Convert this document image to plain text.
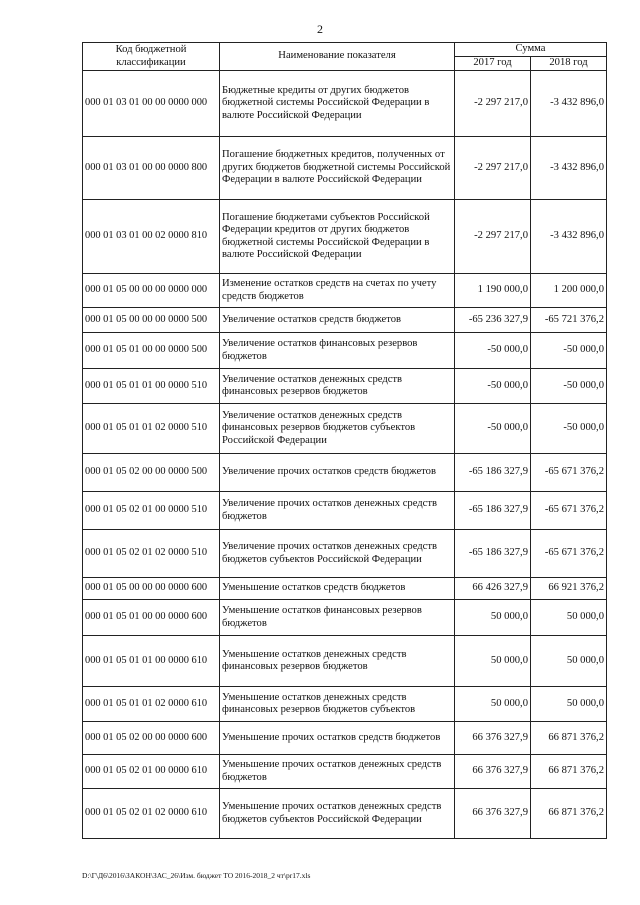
2
Код бюджетной классификации	Наименование показателя	Сумма	
		2017 год	2018 год
000 01 03 01 00 00 0000 000	Бюджетные кредиты от других бюджетов бюджетной системы Российской Федерации в валюте Российской Федерации	-2 297 217,0	-3 432 896,0
000 01 03 01 00 00 0000 800	Погашение бюджетных кредитов, полученных от других бюджетов бюджетной системы Российской Федерации в валюте Российской Федерации	-2 297 217,0	-3 432 896,0
000 01 03 01 00 02 0000 810	Погашение бюджетами субъектов Российской Федерации кредитов от других бюджетов бюджетной системы Российской Федерации в валюте Российской Федерации	-2 297 217,0	-3 432 896,0
000 01 05 00 00 00 0000 000	Изменение остатков средств на счетах по учету средств бюджетов	1 190 000,0	1 200 000,0
000 01 05 00 00 00 0000 500	Увеличение остатков средств бюджетов	-65 236 327,9	-65 721 376,2
000 01 05 01 00 00 0000 500	Увеличение остатков финансовых резервов бюджетов	-50 000,0	-50 000,0
000 01 05 01 01 00 0000 510	Увеличение остатков денежных средств финансовых резервов бюджетов	-50 000,0	-50 000,0
000 01 05 01 01 02 0000 510	Увеличение остатков денежных средств финансовых резервов бюджетов субъектов Российской Федерации	-50 000,0	-50 000,0
000 01 05 02 00 00 0000 500	Увеличение прочих остатков средств бюджетов	-65 186 327,9	-65 671 376,2
000 01 05 02 01 00 0000 510	Увеличение прочих остатков денежных средств бюджетов	-65 186 327,9	-65 671 376,2
000 01 05 02 01 02 0000 510	Увеличение прочих остатков денежных средств бюджетов субъектов Российской Федерации	-65 186 327,9	-65 671 376,2
000 01 05 00 00 00 0000 600	Уменьшение остатков средств бюджетов	66 426 327,9	66 921 376,2
000 01 05 01 00 00 0000 600	Уменьшение остатков финансовых резервов бюджетов	50 000,0	50 000,0
000 01 05 01 01 00 0000 610	Уменьшение остатков денежных средств финансовых резервов бюджетов	50 000,0	50 000,0
000 01 05 01 01 02 0000 610	Уменьшение остатков денежных средств финансовых резервов бюджетов субъектов	50 000,0	50 000,0
000 01 05 02 00 00 0000 600	Уменьшение прочих остатков средств бюджетов	66 376 327,9	66 871 376,2
000 01 05 02 01 00 0000 610	Уменьшение прочих остатков денежных средств бюджетов	66 376 327,9	66 871 376,2
000 01 05 02 01 02 0000 610	Уменьшение прочих остатков денежных средств бюджетов субъектов Российской Федерации	66 376 327,9	66 871 376,2
D:\Г\Д6\2016\ЗАКОН\ЗАС_26\Изм. бюджет ТО 2016-2018_2 чт\pr17.xls
